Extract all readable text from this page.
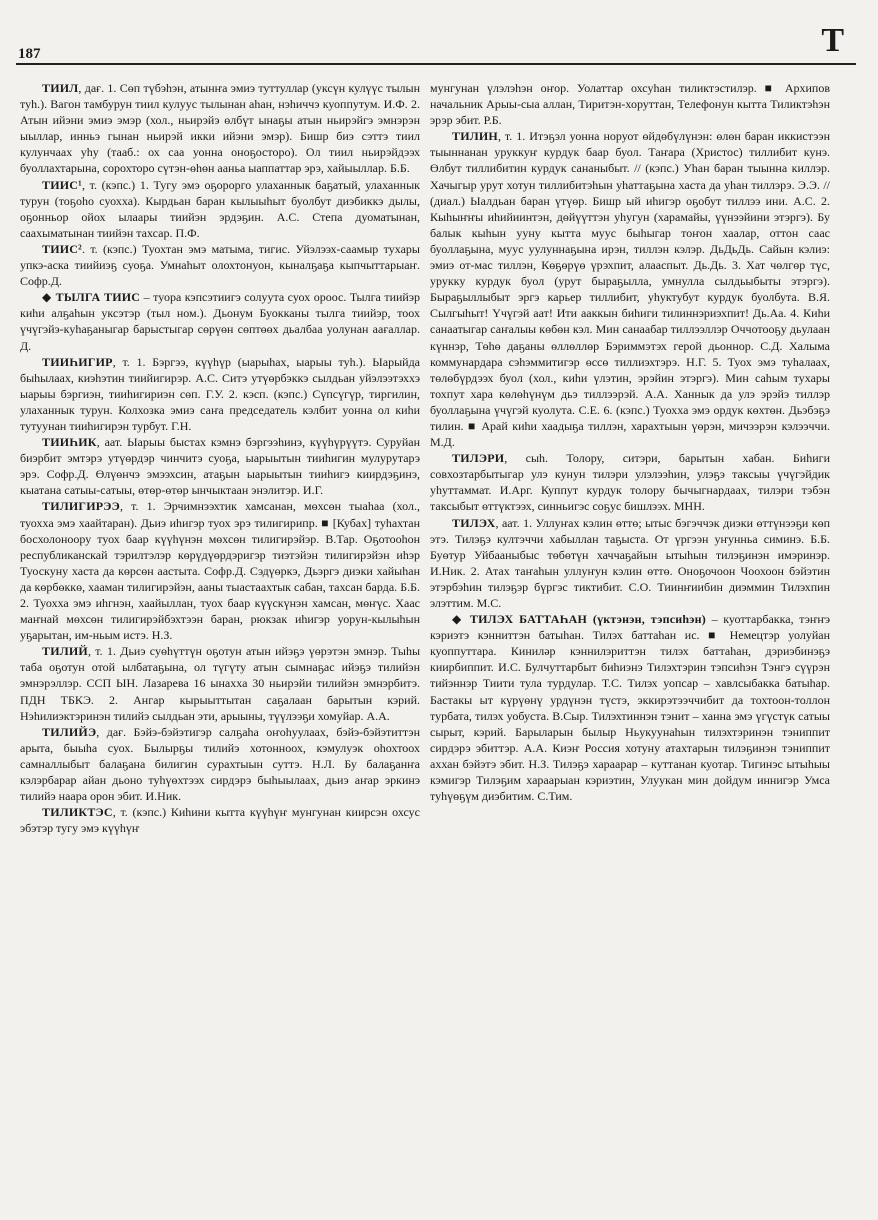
187	Т

ТИИЛ, дағ. 1. Сөп түбэһэн, атынҥа эмиэ туттуллар (уксүн кулүүс тылын туһ.). Вагон тамбурун тиил кулууc тылынан аһан, нэһиччэ куоппутум. И.Ф. 2. Атын ийэни эмиэ эмэр (хол., ньирэйэ өлбүт ынаҕы атын ньирэйгэ эмнэрэн ыыллар, инньэ гынан ньирэй икки ийэни эмэр). Бишр биэ сэттэ тиил кулунчаах уһу (тааб.: ох саа уонна оноҕосторо). Ол тиил ньирэйдээх буоллахтарына, сорохторо сүтэн-өһөн ааньа ыаппаттар эрэ, хайыыллар. Б.Б.

ТИИС¹, т. (кэпс.) 1. Тугу эмэ оҕорорго улаханнык баҕатый, улаханнык турун (тоҕоһо суохха). Кырдьан баран кылыыһыт буолбут диэбиккэ дылы, оҕонньор ойох ылаары тиийэн эрдэҕин. А.С. Степа дуоматынан, саахыматынан тиийэн тахсар. П.Ф.

ТИИС². т. (кэпс.) Туохтан эмэ матыма, тигис. Уйэлээх-саамыр тухары упкэ-аска тиийиэҕ суоҕа. Умнаһыт олохтонуон, кыналҕаҕа кыпчыттарыаҥ. Софр.Д.

◆ ТЫЛГА ТИИС – туора кэпсэтиигэ солуута суох ороос. Тылга тиийэр киһи алҕаһын уксэтэр (тыл ном.). Дьонум Буокканы тылга тиийэр, тоох үчүгэйэ-куһаҕаныгар барыстыгар сөрүөн сөптөөх дьалбаа уолунан аағаллар. Д.

ТИИҺИГИР, т. 1. Бэргээ, күүһүр (ыарыһах, ыарыы туһ.). Ыарыйда быһылаах, киэһэтин тиийигирэр. А.С. Ситэ утүөрбэккэ сылдьан уйэлээтэххэ ыарыы бэргиэн, тииһигириэн сөп. Г.У. 2. кэсп. (кэпс.) Сүпсүгүр, тиргилин, улаханнык турун. Колхозка эмиэ саҥа председатель кэлбит уонна ол киһи тутуунан тииһигирэн турбут. Г.Н.

ТИИҺИК, аат. Ыарыы быстах кэмнэ бэргээһинэ, күүһүрүүтэ. Суруйан биэрбит эмтэрэ утүөрдэр чинчитэ суоҕа, ыарыытын тииһигин мулурутарэ эрэ. Софр.Д. Өлүөнчэ эмээхсин, атаҕын ыарыытын тииһигэ киирдэҕинэ, кыатана сатыы-сатыы, өтөр-өтөр ынчыктаан энэлитэр. И.Г.

ТИЛИГИРЭЭ, т. 1. Эрчимнээхтик хамсанан, мөхсөн тыаһаа (хол., туохха эмэ хаайтаран). Дьиэ иһигэр туох эрэ тилигирипр. ■ [Кубах] туһахтан босхолоноору туох баар күүһүнэн мөхсөн тилигирэйэр. В.Тар. Оҕотооһон республиканскай тэрилтэлэр көрүдүөрдэригэр тиэтэйэн тилигирэйэн иһэр Туоскуну хаста да көрсөн аастыта. Софр.Д. Сэдүөркэ, Дьэргэ диэки хайыһан да көрбөккө, хааман тилигирэйэн, ааны тыастаахтык сабан, тахсан барда. Б.Б. 2. Туохха эмэ иһгнэн, хаайыллан, туох баар күүскүнэн хамсан, мөҥүс. Хаас маҥнай мөхсөн тилигирэйбэхтээн баран, рюкзак иһигэр уорун-кылыһын уҕарытан, им-ньым истэ. Н.З.

ТИЛИЙ, т. 1. Дьиэ суөһүттүн оҕотун атын ийэҕэ үөрэтэн эмнэр. Тыһы таба оҕотун отой ылбатаҕына, ол түгүту атын сымнаҕас ийэҕэ тилийэн эмнэрэллэр. ССП ЫН. Лазарева 16 ынахха 30 ньирэйи тилийэн эмнэрбитэ. ПДН ТБКЭ. 2. Ангар кырыыттытан саҕалаан барытын кэрий. Нэһилиэктэринэн тилийэ сылдьан эти, арыыны, түүлээҕи хомуйар. А.А.

ТИЛИЙЭ, дағ. Бэйэ-бэйэтигэр салҕаһа оҥоһуулаах, бэйэ-бэйэтиттэн арыта, быыһа суох. Былырҕы тилийэ хотонноох, кэмулуэк оһохтоох самналлыбыт балаҕана билигин сурахтыын суттэ. Н.Л. Бу балаҕанҥа кэлэрбарар айан дьоно туһүөхтээх сирдэрэ быһыылаах, дьиэ аҥар эркинэ тилийэ наара орон эбит. И.Ник.

ТИЛИКТЭС, т. (кэпс.) Киһини кытта күүһүҥ мунгунан киирсэн охсус эбэтэр тугу эмэ күүһүҥ

мунгунан үлэлэһэн оҥор. Уолаттар охсуһан тиликтэстилэр. ■ Архипов начальник Арыы-сыа аллан, Тиритэн-хоруттан, Телефонун кытта Тиликтэһэн эрэр эбит. Р.Б.

ТИЛИН, т. 1. Итэҕэл уонна норуот өйдөбүлүнэн: өлөн баран иккистээн тыыннанан уруккуҥ курдук баар буол. Таҥара (Христос) тиллибит кунэ. Өлбут тиллибитин курдук сананыбыт. // (кэпс.) Уһан баран тыынна киллэр. Хачыгыр урут хотун тиллибитэһын уһаттаҕына хаста да уһан тиллэрэ. Э.Э. // (диал.) Ыалдьан баран үтүөр. Бишр ый иһигэр оҕобут тиллээ ини. А.С. 2. Кыһыҥҥы иһийиинтэн, дөйүүттэн уһугун (харамайы, үүнээйини этэргэ). Бу балык кыһын ууну кытта муус быһыгар тоҥон хаалар, оттон саас буоллаҕына, муус уулуннаҕына ирэн, тиллэн кэлэр. ДьДьДь. Сайын кэлиэ: эмиэ от-мас тиллэн, Көҕөрүө үрэхпит, алааспыт. Дь.Дь. 3. Хат чөлгөр түс, урукку курдук буол (урут быраҕылла, умнулла сылдьыбыты этэргэ). Быраҕыллыбыт эргэ карьер тиллибит, уһуктубут курдук буолбута. В.Я. Сылгыһыт! Үчүгэй аат! Ити ааккын биһиги тилиннэриэхпит! Дь.Аа. 4. Киһи санаатыгар саҥалыы көбөн кэл. Мин санаабар тиллээллэр Оччотооҕу дьулаан күннэр, Төһө даҕаны өллөллөр Бэриммэтэх герой дьоннор. С.Д. Халыма коммунардара сэһэммитигэр өссө тиллиэхтэрэ. Н.Г. 5. Туох эмэ туһалаах, төлөбүрдээх буол (хол., киһи үлэтин, эрэйин этэргэ). Мин саһым тухары тохпут хара көлөһүнүм дьэ тиллээрэй. А.А. Ханнык да улэ эрэйэ тиллэр буоллаҕына үчүгэй куолута. С.Е. 6. (кэпс.) Туохха эмэ ордук көхтөн. Дьэбэҕэ тилин. ■ Арай киһи хаадыҕа тиллэн, харахтыын үөрэн, мичээрэн кэлээччи. М.Д.

ТИЛЭРИ, сыһ. Толору, ситэри, барытын хабан. Биһиги совхозтарбытыгар улэ кунун тилэри улэлээһин, улэҕэ таксыы үчүгэйдик уһуттаммат. И.Арг. Куппут курдук толору бычыгнардаах, тилэри тэбэн таксыбыт өттүктээх, синньигэс соҕус бишлээх. МНН.

ТИЛЭХ, аат. 1. Уллуҥах кэлин өттө; ытыс бэгэччэк диэки өттүнээҕи көп этэ. Тилэҕэ култэччи хабыллан таҕыста. От үргээн уҥунньа симинэ. Б.Б. Буөтур Уйбааныбыс төбөтүн хаччаҕайын ытыһын тилэҕинэн имэринэр. И.Ник. 2. Атах таҥаһын уллуҥун кэлин өттө. Оноҕочоон Чоохоон бэйэтин этэрбэһин тилэҕэр бүргэс тиктибит. С.О. Тиинҥиибин диэммин Тилэхпин элэттим. М.С.

◆ ТИЛЭХ БАТТАҺАН (үктэнэн, тэпсиһэн) – куоттарбакка, тэҥҥэ кэриэтэ кэнниттэн батыһан. Тилэх баттаһан ис. ■ Немецтэр уолуйан куоппуттара. Киниләр кэннилэриттэн тилэх баттаһан, дэриэбинэҕэ киирбиппит. И.С. Булчуттарбыт биһиэнэ Тилэхтэрин тэпсиһэн Тэнгэ сүүрэн тийэннэр Тиити тула турдулар. Т.С. Тилэх уопсар – хавлсыбакка батыһар. Бастакы ыт күрүөнү урдүнэн түстэ, эккирэтээччибит да тохтоон-толлон турбата, тилэх уобуста. В.Сыр. Тилэхтиннэн тэнит – ханна эмэ үгүстүк сатыы сырыт, кэрий. Барыларын былыр Ньукуунаһын тилэхтэринэн тэниппит сирдэрэ эбиттэр. А.А. Киэҥ Россия хотуну атахтарын тилэҕинэн тэниппит аххан бэйэтэ эбит. Н.З. Тилэҕэ хараарар – куттанан куотар. Тигинэс ытыһыы кэмигэр Тилэҕим хараарыан кэриэтин, Улуукан мин дойдум иннигэр Умса туһүөҕүм диэбитим. С.Тим.
